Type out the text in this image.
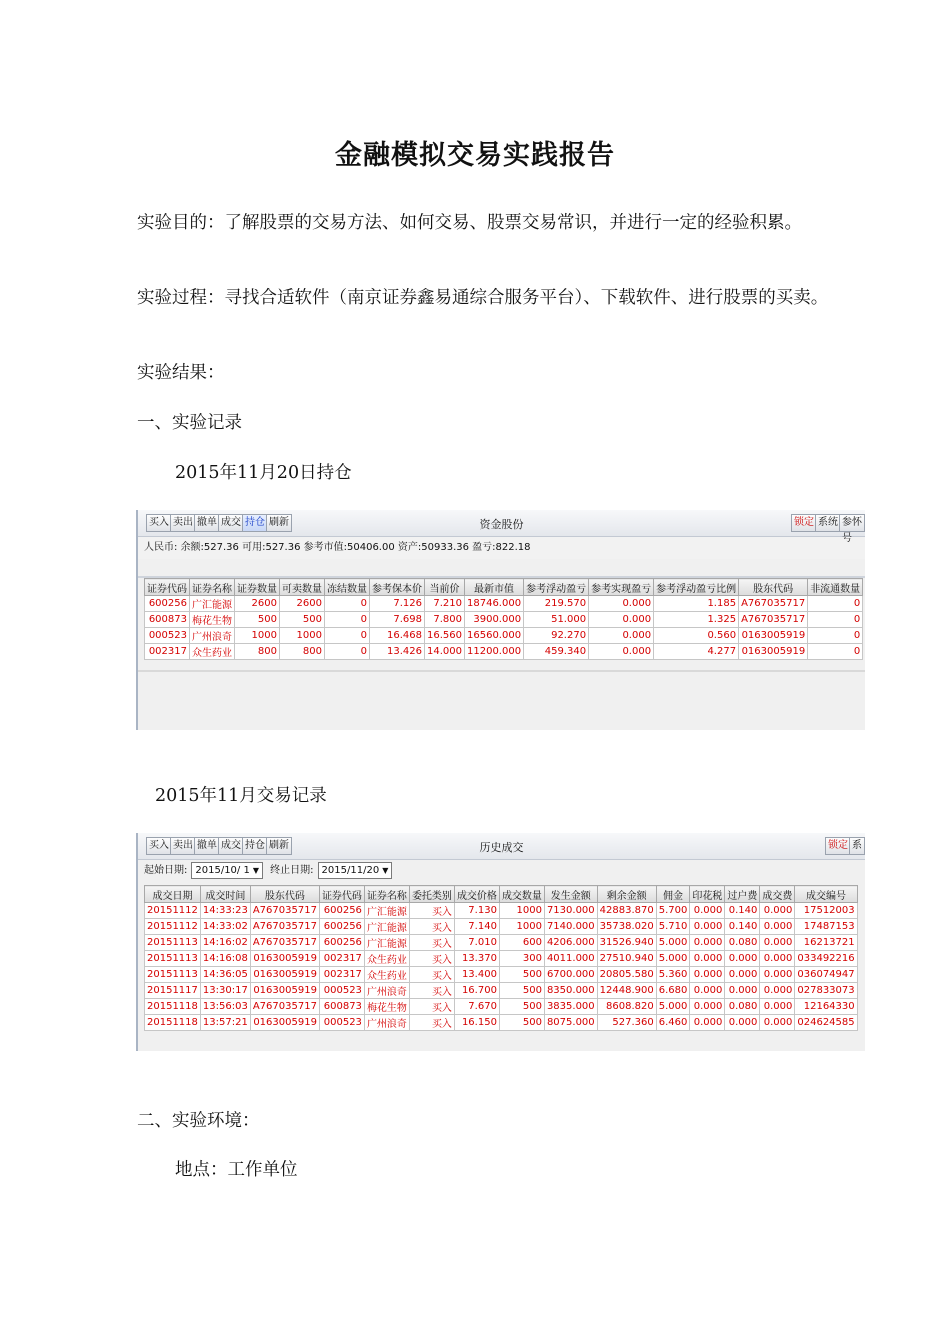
金融模拟交易实践报告
实验目的：了解股票的交易方法、如何交易、股票交易常识，并进行一定的经验积累。
实验过程：寻找合适软件（南京证券鑫易通综合服务平台）、下载软件、进行股票的买卖。
实验结果：
一、实验记录
2015年11月20日持仓
买入 卖出 撤单 成交 持仓 刷新	资金股份	锁定 系统 参怀号
人民币: 余额:527.36 可用:527.36 参考市值:50406.00 资产:50933.36 盈亏:822.18
证券代码	证券名称	证券数量	可卖数量	冻结数量	参考保本价	当前价	最新市值	参考浮动盈亏	参考实现盈亏	参考浮动盈亏比例	股东代码	非流通数量
600256	广汇能源	2600	2600	0	7.126	7.210	18746.000	219.570	0.000	1.185	A767035717	0
600873	梅花生物	500	500	0	7.698	7.800	3900.000	51.000	0.000	1.325	A767035717	0
000523	广州浪奇	1000	1000	0	16.468	16.560	16560.000	92.270	0.000	0.560	0163005919	0
002317	众生药业	800	800	0	13.426	14.000	11200.000	459.340	0.000	4.277	0163005919	0
2015年11月交易记录
买入 卖出 撤单 成交 持仓 刷新	历史成交	锁定 系
起始日期: 2015/10/ 1 ▼ 终止日期: 2015/11/20 ▼
成交日期	成交时间	股东代码	证券代码	证券名称	委托类别	成交价格	成交数量	发生金额	剩余金额	佣金	印花税	过户费	成交费	成交编号
20151112	14:33:23	A767035717	600256	广汇能源	买入	7.130	1000	7130.000	42883.870	5.700	0.000	0.140	0.000	17512003
20151112	14:33:02	A767035717	600256	广汇能源	买入	7.140	1000	7140.000	35738.020	5.710	0.000	0.140	0.000	17487153
20151113	14:16:02	A767035717	600256	广汇能源	买入	7.010	600	4206.000	31526.940	5.000	0.000	0.080	0.000	16213721
20151113	14:16:08	0163005919	002317	众生药业	买入	13.370	300	4011.000	27510.940	5.000	0.000	0.000	0.000	033492216
20151113	14:36:05	0163005919	002317	众生药业	买入	13.400	500	6700.000	20805.580	5.360	0.000	0.000	0.000	036074947
20151117	13:30:17	0163005919	000523	广州浪奇	买入	16.700	500	8350.000	12448.900	6.680	0.000	0.000	0.000	027833073
20151118	13:56:03	A767035717	600873	梅花生物	买入	7.670	500	3835.000	8608.820	5.000	0.000	0.080	0.000	12164330
20151118	13:57:21	0163005919	000523	广州浪奇	买入	16.150	500	8075.000	527.360	6.460	0.000	0.000	0.000	024624585
二、实验环境：
地点：工作单位
